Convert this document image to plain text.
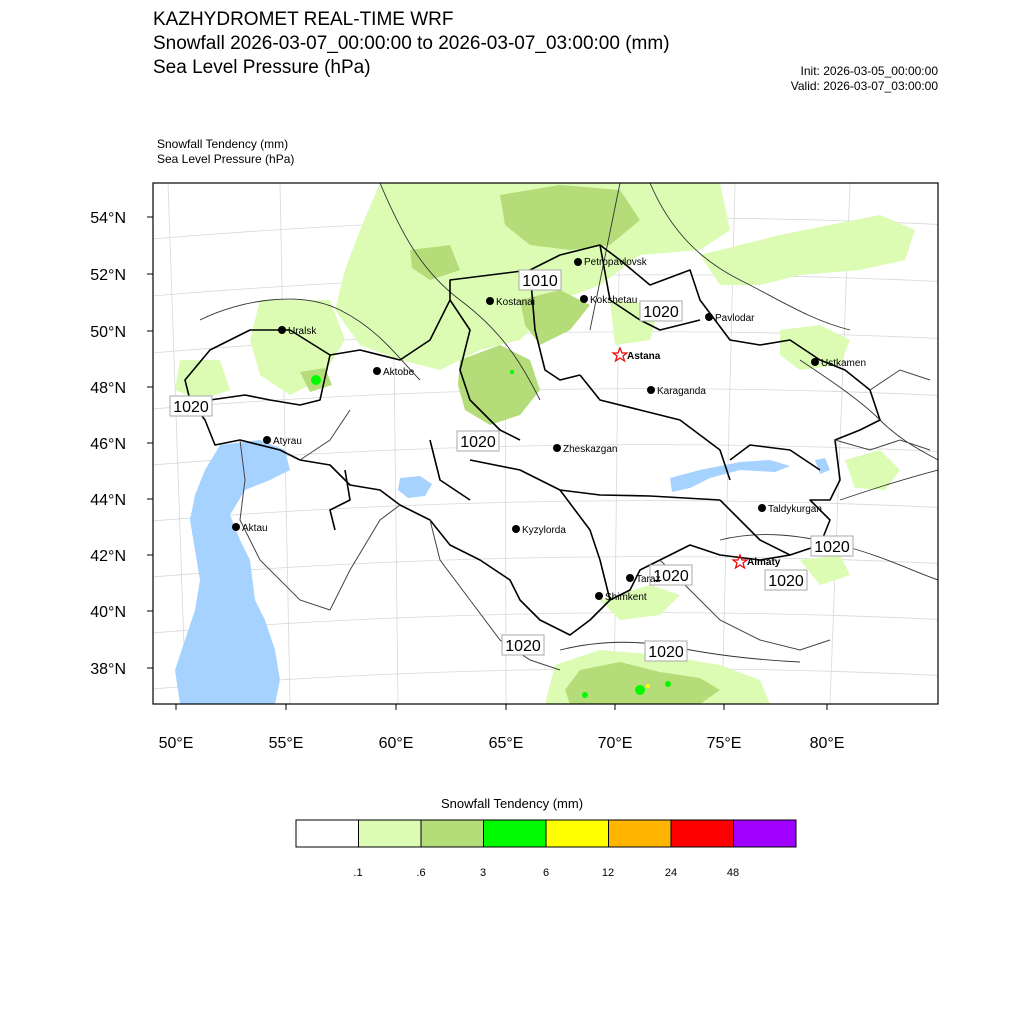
KAZHYDROMET REAL-TIME WRF
Snowfall 2026-03-07_00:00:00 to 2026-03-07_03:00:00 (mm)
Sea Level Pressure (hPa)	Init: 2026-03-05_00:00:00
Valid: 2026-03-07_03:00:00
Snowfall Tendency (mm)
Sea Level Pressure (hPa)
54°N
52°N
50°N
48°N
46°N
44°N
42°N
40°N
38°N
50°E	55°E	60°E	65°E	70°E	75°E	80°E
1010
1020
1020
1020
1020
1020	1020
1020	1020
Petropavlovsk
Kostanai	Kokshetau
Pavlodar
Uralsk
Aktobe
Astana
Karaganda
Ustkamen
Atyrau
Zheskazgan
Aktau	Kyzylorda
Taldykurgan
Almaty
Taraz
Shimkent
Snowfall Tendency (mm)
.1	.6	3	6	12	24	48
